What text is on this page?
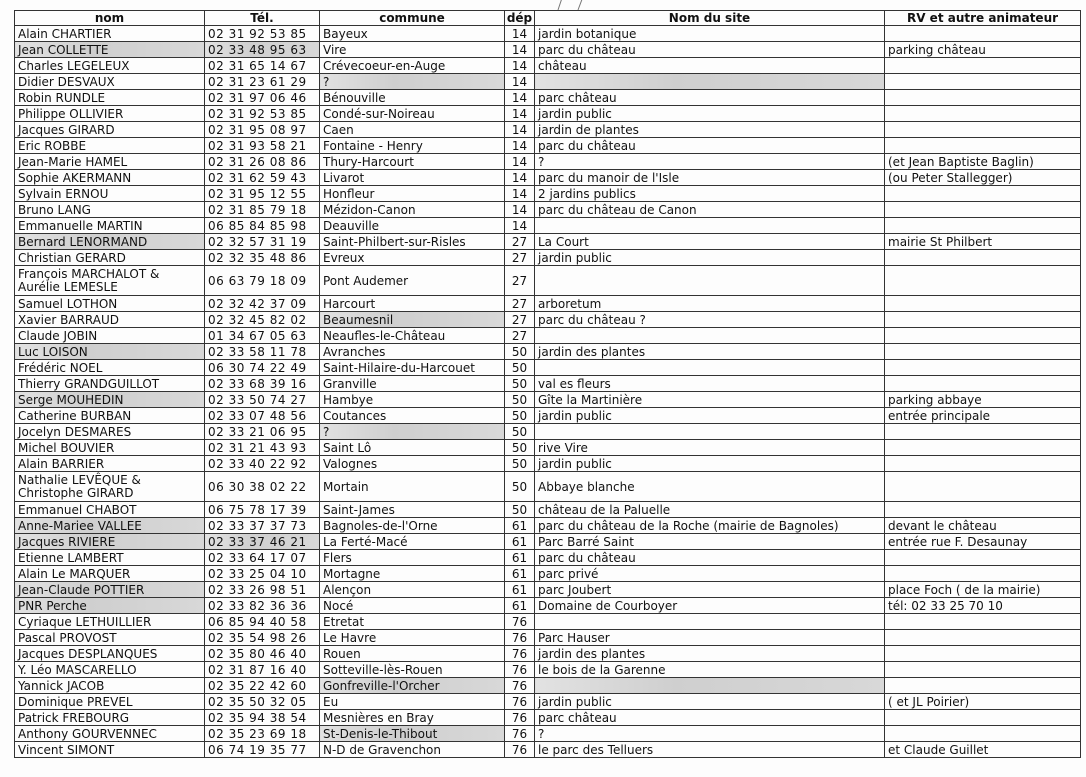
nom	Tél.	commune	dép	Nom du site	RV et autre animateur
Alain CHARTIER	02 31 92 53 85	Bayeux	14	jardin botanique	
Jean COLLETTE	02 33 48 95 63	Vire	14	parc du château	parking château
Charles LEGELEUX	02 31 65 14 67	Crévecoeur-en-Auge	14	château	
Didier DESVAUX	02 31 23 61 29	?	14		
Robin RUNDLE	02 31 97 06 46	Bénouville	14	parc château	
Philippe OLLIVIER	02 31 92 53 85	Condé-sur-Noireau	14	jardin public	
Jacques GIRARD	02 31 95 08 97	Caen	14	jardin de plantes	
Eric ROBBE	02 31 93 58 21	Fontaine - Henry	14	parc du château	
Jean-Marie HAMEL	02 31 26 08 86	Thury-Harcourt	14	?	(et Jean Baptiste Baglin)
Sophie AKERMANN	02 31 62 59 43	Livarot	14	parc du manoir de l'Isle	(ou Peter Stallegger)
Sylvain ERNOU	02 31 95 12 55	Honfleur	14	2 jardins publics	
Bruno LANG	02 31 85 79 18	Mézidon-Canon	14	parc du château de Canon	
Emmanuelle MARTIN	06 85 84 85 98	Deauville	14		
Bernard LENORMAND	02 32 57 31 19	Saint-Philbert-sur-Risles	27	La Court	mairie St Philbert
Christian GERARD	02 32 35 48 86	Evreux	27	jardin public	
François MARCHALOT & Aurélie LEMESLE	06 63 79 18 09	Pont Audemer	27		
Samuel LOTHON	02 32 42 37 09	Harcourt	27	arboretum	
Xavier BARRAUD	02 32 45 82 02	Beaumesnil	27	parc du château ?	
Claude JOBIN	01 34 67 05 63	Neaufles-le-Château	27		
Luc LOISON	02 33 58 11 78	Avranches	50	jardin des plantes	
Frédéric NOEL	06 30 74 22 49	Saint-Hilaire-du-Harcouet	50		
Thierry GRANDGUILLOT	02 33 68 39 16	Granville	50	val es fleurs	
Serge MOUHEDIN	02 33 50 74 27	Hambye	50	Gîte la Martinière	parking abbaye
Catherine BURBAN	02 33 07 48 56	Coutances	50	jardin public	entrée principale
Jocelyn DESMARES	02 33 21 06 95	?	50		
Michel BOUVIER	02 31 21 43 93	Saint Lô	50	rive Vire	
Alain BARRIER	02 33 40 22 92	Valognes	50	jardin public	
Nathalie LEVÊQUE & Christophe GIRARD	06 30 38 02 22	Mortain	50	Abbaye blanche	
Emmanuel CHABOT	06 75 78 17 39	Saint-James	50	château de la Paluelle	
Anne-Mariee VALLEE	02 33 37 37 73	Bagnoles-de-l'Orne	61	parc du château de la Roche (mairie de Bagnoles)	devant le château
Jacques RIVIERE	02 33 37 46 21	La Ferté-Macé	61	Parc Barré Saint	entrée rue F. Desaunay
Etienne LAMBERT	02 33 64 17 07	Flers	61	parc du château	
Alain Le MARQUER	02 33 25 04 10	Mortagne	61	parc privé	
Jean-Claude POTTIER	02 33 26 98 51	Alençon	61	parc Joubert	place Foch ( de la mairie)
PNR Perche	02 33 82 36 36	Nocé	61	Domaine de Courboyer	tél: 02 33 25 70 10
Cyriaque LETHUILLIER	06 85 94 40 58	Etretat	76		
Pascal PROVOST	02 35 54 98 26	Le Havre	76	Parc Hauser	
Jacques DESPLANQUES	02 35 80 46 40	Rouen	76	jardin des plantes	
Y. Léo MASCARELLO	02 31 87 16 40	Sotteville-lès-Rouen	76	le bois de la Garenne	
Yannick JACOB	02 35 22 42 60	Gonfreville-l'Orcher	76		
Dominique PREVEL	02 35 50 32 05	Eu	76	jardin public	( et JL Poirier)
Patrick FREBOURG	02 35 94 38 54	Mesnières en Bray	76	parc château	
Anthony GOURVENNEC	02 35 23 69 18	St-Denis-le-Thibout	76	?	
Vincent SIMONT	06 74 19 35 77	N-D de Gravenchon	76	le parc des Telluers	et Claude Guillet
